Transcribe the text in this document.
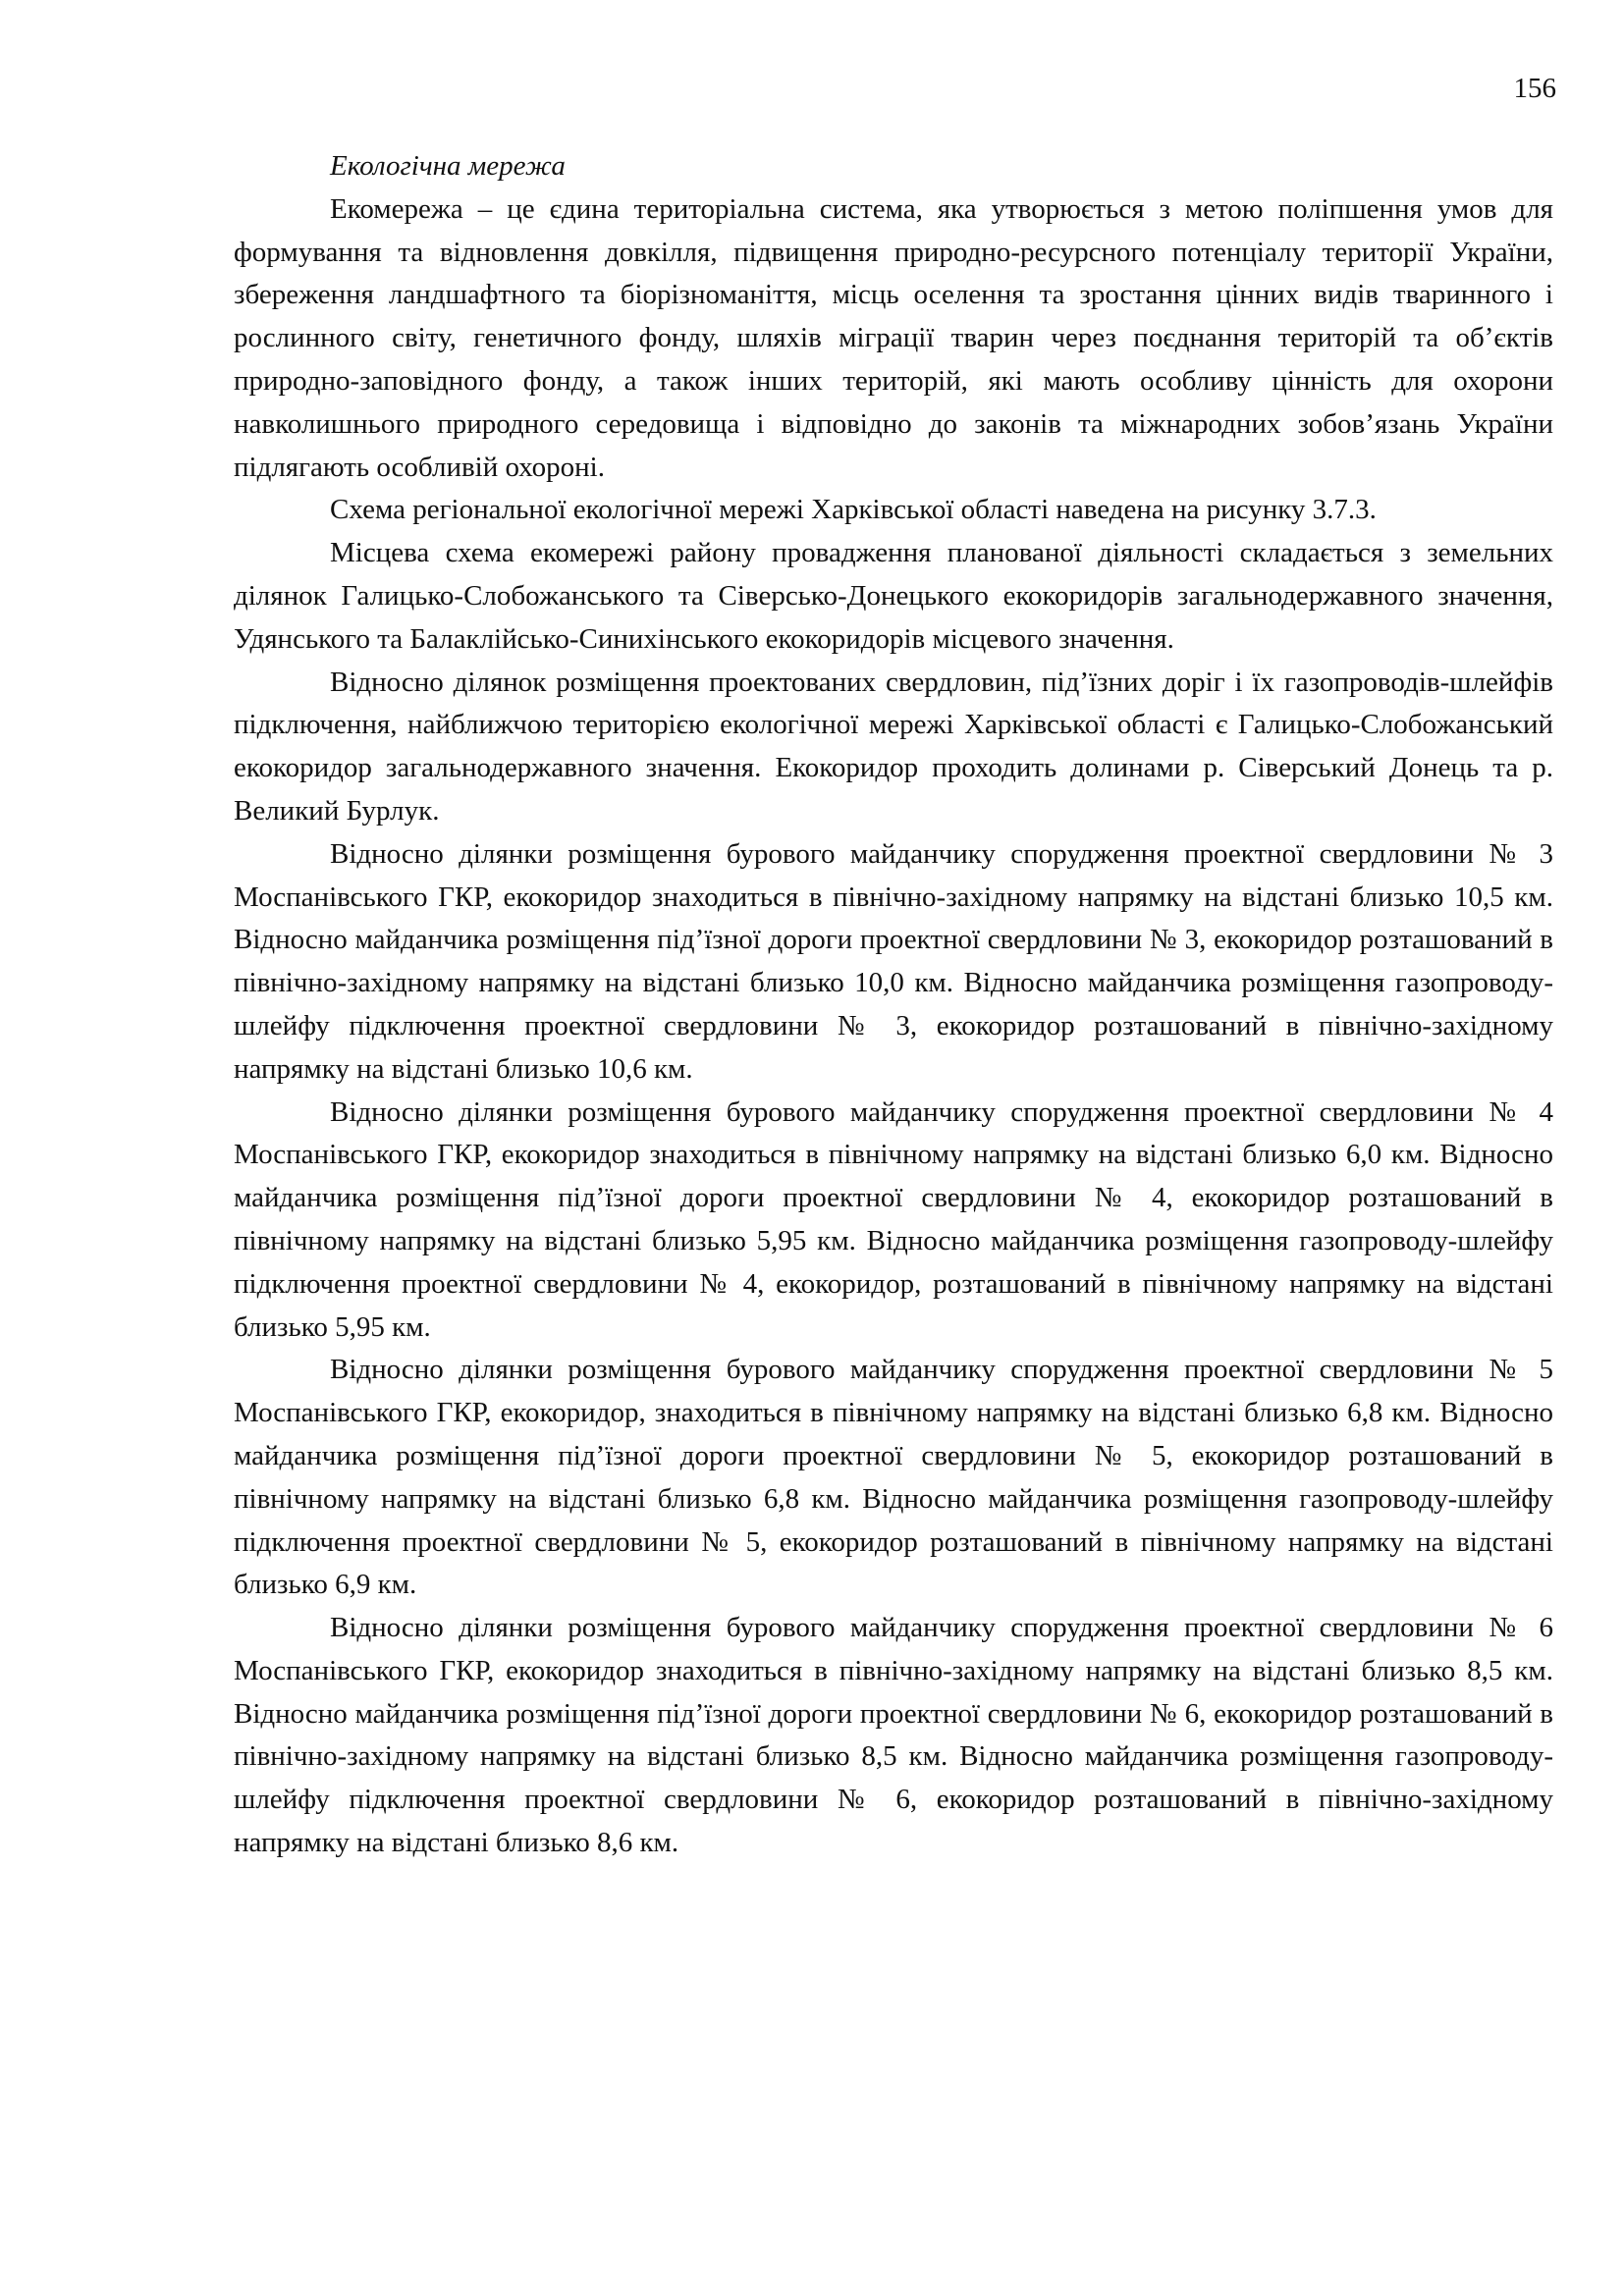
156
Екологічна мережа

Екомережа – це єдина територіальна система, яка утворюється з метою поліпшення умов для формування та відновлення довкілля, підвищення природно-ресурсного потенціалу території України, збереження ландшафтного та біорізноманіття, місць оселення та зростання цінних видів тваринного і рослинного світу, генетичного фонду, шляхів міграції тварин через поєднання територій та об’єктів природно-заповідного фонду, а також інших територій, які мають особливу цінність для охорони навколишнього природного середовища і відповідно до законів та міжнародних зобов’язань України підлягають особливій охороні.

Схема регіональної екологічної мережі Харківської області наведена на рисунку 3.7.3.

Місцева схема екомережі району провадження планованої діяльності складається з земельних ділянок Галицько-Слобожанського та Сіверсько-Донецького екокоридорів загальнодержавного значення, Удянського та Балаклійсько-Синихінського екокоридорів місцевого значення.

Відносно ділянок розміщення проектованих свердловин, під’їзних доріг і їх газопроводів-шлейфів підключення, найближчою територією екологічної мережі Харківської області є Галицько-Слобожанський екокоридор загальнодержавного значення. Екокоридор проходить долинами р. Сіверський Донець та р. Великий Бурлук.

Відносно ділянки розміщення бурового майданчику спорудження проектної свердловини № 3 Моспанівського ГКР, екокоридор знаходиться в північно-західному напрямку на відстані близько 10,5 км. Відносно майданчика розміщення під’їзної дороги проектної свердловини № 3, екокоридор розташований в північно-західному напрямку на відстані близько 10,0 км. Відносно майданчика розміщення газопроводу-шлейфу підключення проектної свердловини № 3, екокоридор розташований в північно-західному напрямку на відстані близько 10,6 км.

Відносно ділянки розміщення бурового майданчику спорудження проектної свердловини № 4 Моспанівського ГКР, екокоридор знаходиться в північному напрямку на відстані близько 6,0 км. Відносно майданчика розміщення під’їзної дороги проектної свердловини № 4, екокоридор розташований в північному напрямку на відстані близько 5,95 км. Відносно майданчика розміщення газопроводу-шлейфу підключення проектної свердловини № 4, екокоридор, розташований в північному напрямку на відстані близько 5,95 км.

Відносно ділянки розміщення бурового майданчику спорудження проектної свердловини № 5 Моспанівського ГКР, екокоридор, знаходиться в північному напрямку на відстані близько 6,8 км. Відносно майданчика розміщення під’їзної дороги проектної свердловини № 5, екокоридор розташований в північному напрямку на відстані близько 6,8 км. Відносно майданчика розміщення газопроводу-шлейфу підключення проектної свердловини № 5, екокоридор розташований в північному напрямку на відстані близько 6,9 км.

Відносно ділянки розміщення бурового майданчику спорудження проектної свердловини № 6 Моспанівського ГКР, екокоридор знаходиться в північно-західному напрямку на відстані близько 8,5 км. Відносно майданчика розміщення під’їзної дороги проектної свердловини № 6, екокоридор розташований в північно-західному напрямку на відстані близько 8,5 км. Відносно майданчика розміщення газопроводу-шлейфу підключення проектної свердловини № 6, екокоридор розташований в північно-західному напрямку на відстані близько 8,6 км.
